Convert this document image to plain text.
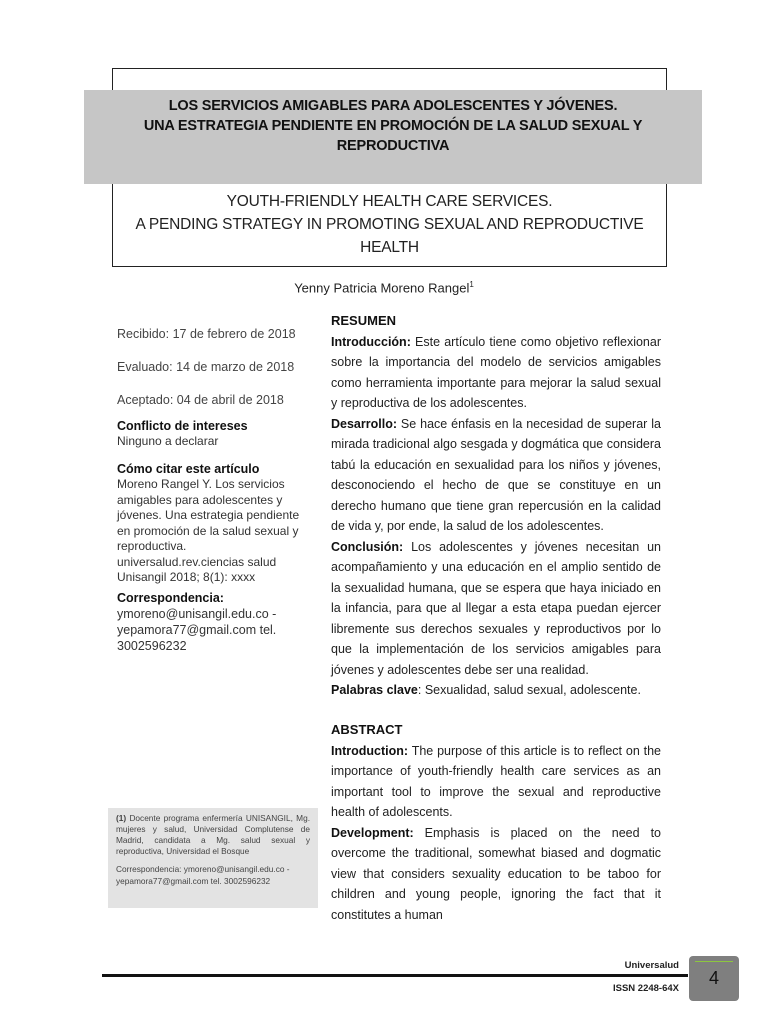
LOS SERVICIOS AMIGABLES PARA ADOLESCENTES Y JÓVENES.
UNA ESTRATEGIA PENDIENTE EN PROMOCIÓN DE LA SALUD SEXUAL Y
REPRODUCTIVA
YOUTH-FRIENDLY HEALTH CARE SERVICES.
A PENDING STRATEGY IN PROMOTING SEXUAL AND REPRODUCTIVE
HEALTH
Yenny Patricia Moreno Rangel$^1$
Recibido: 17 de febrero de 2018
Evaluado: 14 de marzo de 2018
Aceptado: 04 de abril de 2018
Conflicto de intereses
Ninguno a declarar
Cómo citar este artículo
Moreno Rangel Y. Los servicios amigables para adolescentes y jóvenes. Una estrategia pendiente en promoción de la salud sexual y reproductiva. universalud.rev.ciencias salud Unisangil 2018; 8(1): xxxx
Correspondencia:
ymoreno@unisangil.edu.co - yepamora77@gmail.com tel. 3002596232
(1) Docente programa enfermería UNISANGIL, Mg. mujeres y salud, Universidad Complutense de Madrid, candidata a Mg. salud sexual y reproductiva, Universidad el Bosque
Correspondencia: ymoreno@unisangil.edu.co -
yepamora77@gmail.com tel. 3002596232
RESUMEN

Introducción: Este artículo tiene como objetivo reflexionar sobre la importancia del modelo de servicios amigables como herramienta importante para mejorar la salud sexual y reproductiva de los adolescentes.

Desarrollo: Se hace énfasis en la necesidad de superar la mirada tradicional algo sesgada y dogmática que considera tabú la educación en sexualidad para los niños y jóvenes, desconociendo el hecho de que se constituye en un derecho humano que tiene gran repercusión en la calidad de vida y, por ende, la salud de los adolescentes.

Conclusión: Los adolescentes y jóvenes necesitan un acompañamiento y una educación en el amplio sentido de la sexualidad humana, que se espera que haya iniciado en la infancia, para que al llegar a esta etapa puedan ejercer libremente sus derechos sexuales y reproductivos por lo que la implementación de los servicios amigables para jóvenes y adolescentes debe ser una realidad.

Palabras clave: Sexualidad, salud sexual, adolescente.

ABSTRACT

Introduction: The purpose of this article is to reflect on the importance of youth-friendly health care services as an important tool to improve the sexual and reproductive health of adolescents.

Development: Emphasis is placed on the need to overcome the traditional, somewhat biased and dogmatic view that considers sexuality education to be taboo for children and young people, ignoring the fact that it constitutes a human

Universalud
ISSN 2248-64X
4
